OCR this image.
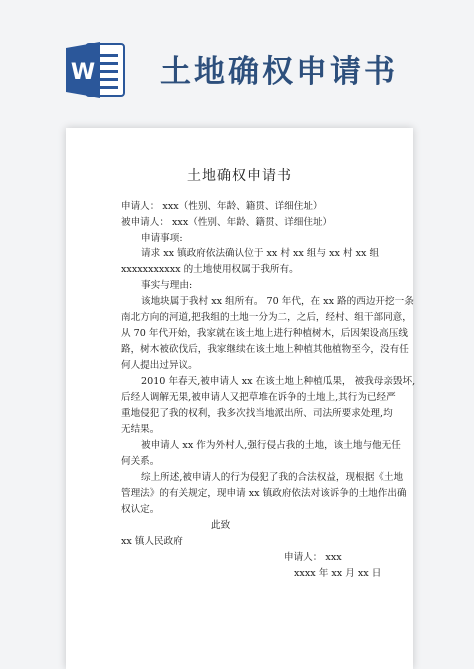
W 土地确权申请书
土地确权申请书
申请人： xxx（性别、年龄、籍贯、详细住址）
被申请人： xxx（性别、年龄、籍贯、详细住址）
申请事项:
请求 xx 镇政府依法确认位于 xx 村 xx 组与 xx 村 xx 组
xxxxxxxxxxx 的土地使用权属于我所有。
事实与理由:
该地块属于我村 xx 组所有。 70 年代，在 xx 路的西边开挖一条
南北方向的河道,把我组的土地一分为二，之后，经村、组干部同意，
从 70 年代开始，我家就在该土地上进行种植树木，后因架设高压线
路，树木被砍伐后，我家继续在该土地上种植其他植物至今，没有任
何人提出过异议。
2010 年春天,被申请人 xx 在该土地上种植瓜果， 被我母亲毁坏,
后经人调解无果,被申请人又把草堆在诉争的土地上,其行为已经严
重地侵犯了我的权利，我多次找当地派出所、司法所要求处理,均
无结果。
被申请人 xx 作为外村人,强行侵占我的土地，该土地与他无任
何关系。
综上所述,被申请人的行为侵犯了我的合法权益，现根据《土地
管理法》的有关规定，现申请 xx 镇政府依法对该诉争的土地作出确
权认定。
此致
xx 镇人民政府
申请人： xxx
xxxx 年 xx 月 xx 日
